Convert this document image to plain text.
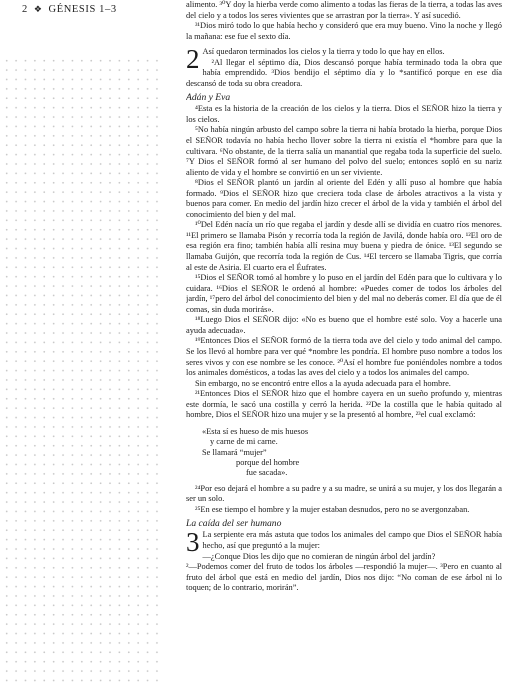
2 ❖ GÉNESIS 1–3	alimento. ³⁰Y doy la hierba verde como alimento a todas las fieras de la tierra, a todas las aves del cielo y a todos los seres vivientes que se arrastran por la tierra». Y así sucedió.

³¹Dios miró todo lo que había hecho y consideró que era muy bueno. Vino la noche y llegó la mañana: ese fue el sexto día.

2 Así quedaron terminados los cielos y la tierra y todo lo que hay en ellos.

²Al llegar el séptimo día, Dios descansó porque había terminado toda la obra que había emprendido. ³Dios bendijo el séptimo día y lo *santificó porque en ese día descansó de toda su obra creadora.

Adán y Eva

⁴Esta es la historia de la creación de los cielos y la tierra. Dios el SEÑOR hizo la tierra y los cielos.

⁵No había ningún arbusto del campo sobre la tierra ni había brotado la hierba, porque Dios el SEÑOR todavía no había hecho llover sobre la tierra ni existía el *hombre para que la cultivara. ⁶No obstante, de la tierra salía un manantial que regaba toda la superficie del suelo. ⁷Y Dios el SEÑOR formó al ser humano del polvo del suelo; entonces sopló en su nariz aliento de vida y el hombre se convirtió en un ser viviente.

⁸Dios el SEÑOR plantó un jardín al oriente del Edén y allí puso al hombre que había formado. ⁹Dios el SEÑOR hizo que creciera toda clase de árboles atractivos a la vista y buenos para comer. En medio del jardín hizo crecer el árbol de la vida y también el árbol del conocimiento del bien y del mal.

¹⁰Del Edén nacía un río que regaba el jardín y desde allí se dividía en cuatro ríos menores. ¹¹El primero se llamaba Pisón y recorría toda la región de Javilá, donde había oro. ¹²El oro de esa región era fino; también había allí resina muy buena y piedra de ónice. ¹³El segundo se llamaba Guijón, que recorría toda la región de Cus. ¹⁴El tercero se llamaba Tigris, que corría al este de Asiria. El cuarto era el Éufrates.

¹⁵Dios el SEÑOR tomó al hombre y lo puso en el jardín del Edén para que lo cultivara y lo cuidara. ¹⁶Dios el SEÑOR le ordenó al hombre: «Puedes comer de todos los árboles del jardín, ¹⁷pero del árbol del conocimiento del bien y del mal no deberás comer. El día que de él comas, sin duda morirás».

¹⁸Luego Dios el SEÑOR dijo: «No es bueno que el hombre esté solo. Voy a hacerle una ayuda adecuada».

¹⁹Entonces Dios el SEÑOR formó de la tierra toda ave del cielo y todo animal del campo. Se los llevó al hombre para ver qué *nombre les pondría. El hombre puso nombre a todos los seres vivos y con ese nombre se les conoce. ²⁰Así el hombre fue poniéndoles nombre a todos los animales domésticos, a todas las aves del cielo y a todos los animales del campo.

Sin embargo, no se encontró entre ellos a la ayuda adecuada para el hombre.

²¹Entonces Dios el SEÑOR hizo que el hombre cayera en un sueño profundo y, mientras este dormía, le sacó una costilla y cerró la herida. ²²De la costilla que le había quitado al hombre, Dios el SEÑOR hizo una mujer y se la presentó al hombre, ²³el cual exclamó:

«Esta sí es hueso de mis huesos
y carne de mi carne.
Se llamará “mujer”
porque del hombre
fue sacada».

²⁴Por eso dejará el hombre a su padre y a su madre, se unirá a su mujer, y los dos llegarán a ser un solo.

²⁵En ese tiempo el hombre y la mujer estaban desnudos, pero no se avergonzaban.

La caída del ser humano

3 La serpiente era más astuta que todos los animales del campo que Dios el SEÑOR había hecho, así que preguntó a la mujer:

—¿Conque Dios les dijo que no comieran de ningún árbol del jardín?

²—Podemos comer del fruto de todos los árboles —respondió la mujer—. ³Pero en cuanto al fruto del árbol que está en medio del jardín, Dios nos dijo: “No coman de ese árbol ni lo toquen; de lo contrario, morirán”.
